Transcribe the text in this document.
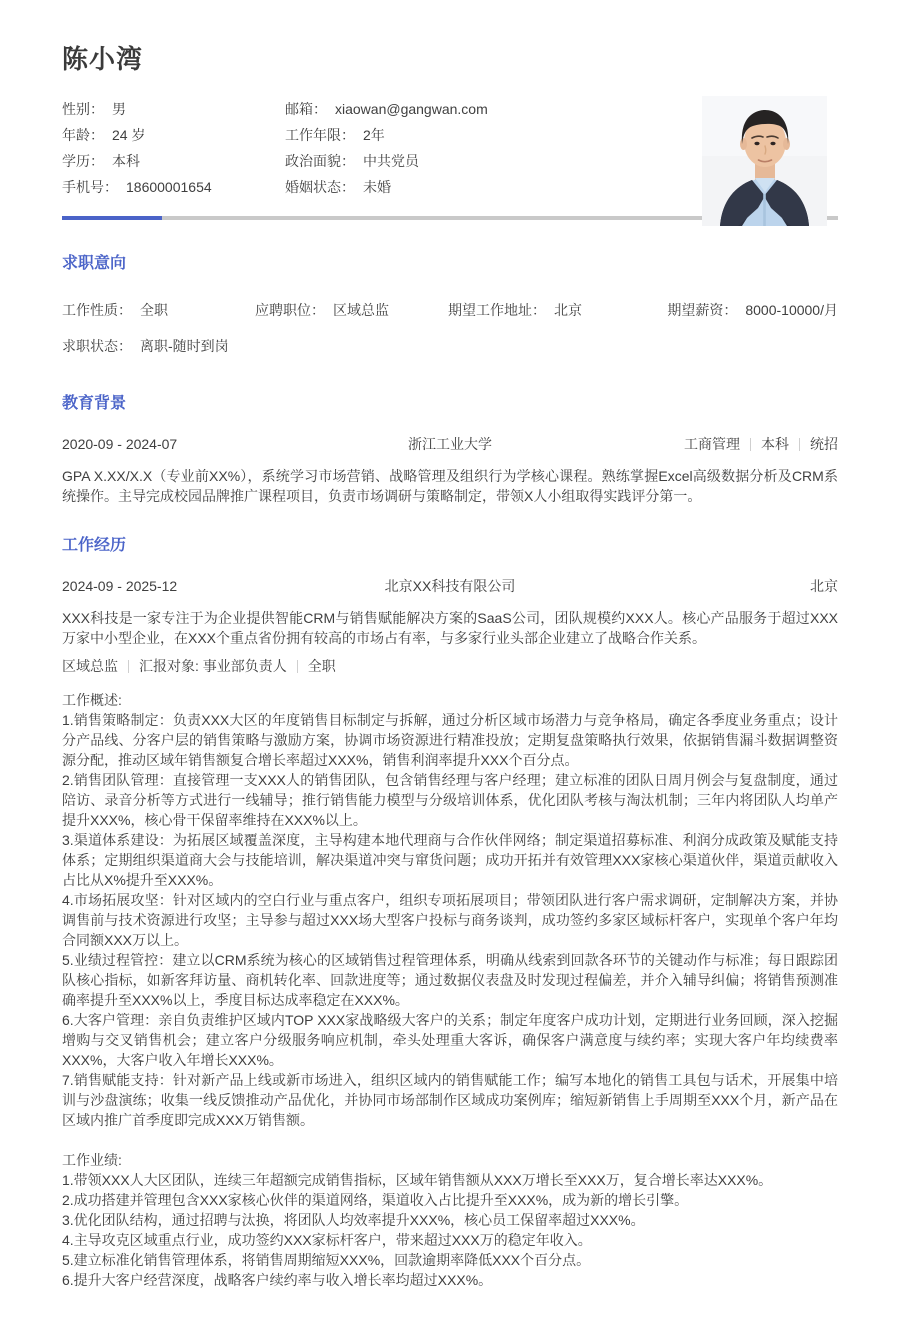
陈小湾
性别： 男
年龄： 24 岁
学历： 本科
手机号： 18600001654
邮箱： xiaowan@gangwan.com
工作年限： 2年
政治面貌： 中共党员
婚姻状态： 未婚
求职意向
工作性质： 全职	应聘职位： 区域总监	期望工作地址： 北京	期望薪资： 8000-10000/月
求职状态： 离职-随时到岗
教育背景
2020-09 - 2024-07	浙江工业大学	工商管理 本科 统招

GPA X.XX/X.X（专业前XX%），系统学习市场营销、战略管理及组织行为学核心课程。熟练掌握Excel高级数据分析及CRM系统操作。主导完成校园品牌推广课程项目，负责市场调研与策略制定，带领X人小组取得实践评分第一。

工作经历
2024-09 - 2025-12	北京XX科技有限公司	北京

XXX科技是一家专注于为企业提供智能CRM与销售赋能解决方案的SaaS公司，团队规模约XXX人。核心产品服务于超过XXX万家中小型企业，在XXX个重点省份拥有较高的市场占有率，与多家行业头部企业建立了战略合作关系。

区域总监 汇报对象: 事业部负责人 全职

工作概述:

1.销售策略制定：负责XXX大区的年度销售目标制定与拆解，通过分析区域市场潜力与竞争格局，确定各季度业务重点；设计分产品线、分客户层的销售策略与激励方案，协调市场资源进行精准投放；定期复盘策略执行效果，依据销售漏斗数据调整资源分配，推动区域年销售额复合增长率超过XXX%，销售利润率提升XXX个百分点。

2.销售团队管理：直接管理一支XXX人的销售团队，包含销售经理与客户经理；建立标准的团队日周月例会与复盘制度，通过陪访、录音分析等方式进行一线辅导；推行销售能力模型与分级培训体系，优化团队考核与淘汰机制；三年内将团队人均单产提升XXX%，核心骨干保留率维持在XXX%以上。

3.渠道体系建设：为拓展区域覆盖深度，主导构建本地代理商与合作伙伴网络；制定渠道招募标准、利润分成政策及赋能支持体系；定期组织渠道商大会与技能培训，解决渠道冲突与窜货问题；成功开拓并有效管理XXX家核心渠道伙伴，渠道贡献收入占比从X%提升至XXX%。

4.市场拓展攻坚：针对区域内的空白行业与重点客户，组织专项拓展项目；带领团队进行客户需求调研，定制解决方案，并协调售前与技术资源进行攻坚；主导参与超过XXX场大型客户投标与商务谈判，成功签约多家区域标杆客户，实现单个客户年均合同额XXX万以上。

5.业绩过程管控：建立以CRM系统为核心的区域销售过程管理体系，明确从线索到回款各环节的关键动作与标准；每日跟踪团队核心指标，如新客拜访量、商机转化率、回款进度等；通过数据仪表盘及时发现过程偏差，并介入辅导纠偏；将销售预测准确率提升至XXX%以上，季度目标达成率稳定在XXX%。

6.大客户管理：亲自负责维护区域内TOP XXX家战略级大客户的关系；制定年度客户成功计划，定期进行业务回顾，深入挖掘增购与交叉销售机会；建立客户分级服务响应机制，牵头处理重大客诉，确保客户满意度与续约率；实现大客户年均续费率XXX%，大客户收入年增长XXX%。

7.销售赋能支持：针对新产品上线或新市场进入，组织区域内的销售赋能工作；编写本地化的销售工具包与话术，开展集中培训与沙盘演练；收集一线反馈推动产品优化，并协同市场部制作区域成功案例库；缩短新销售上手周期至XXX个月，新产品在区域内推广首季度即完成XXX万销售额。

工作业绩:

1.带领XXX人大区团队，连续三年超额完成销售指标，区域年销售额从XXX万增长至XXX万，复合增长率达XXX%。

2.成功搭建并管理包含XXX家核心伙伴的渠道网络，渠道收入占比提升至XXX%，成为新的增长引擎。

3.优化团队结构，通过招聘与汰换，将团队人均效率提升XXX%，核心员工保留率超过XXX%。

4.主导攻克区域重点行业，成功签约XXX家标杆客户，带来超过XXX万的稳定年收入。

5.建立标准化销售管理体系，将销售周期缩短XXX%，回款逾期率降低XXX个百分点。

6.提升大客户经营深度，战略客户续约率与收入增长率均超过XXX%。
